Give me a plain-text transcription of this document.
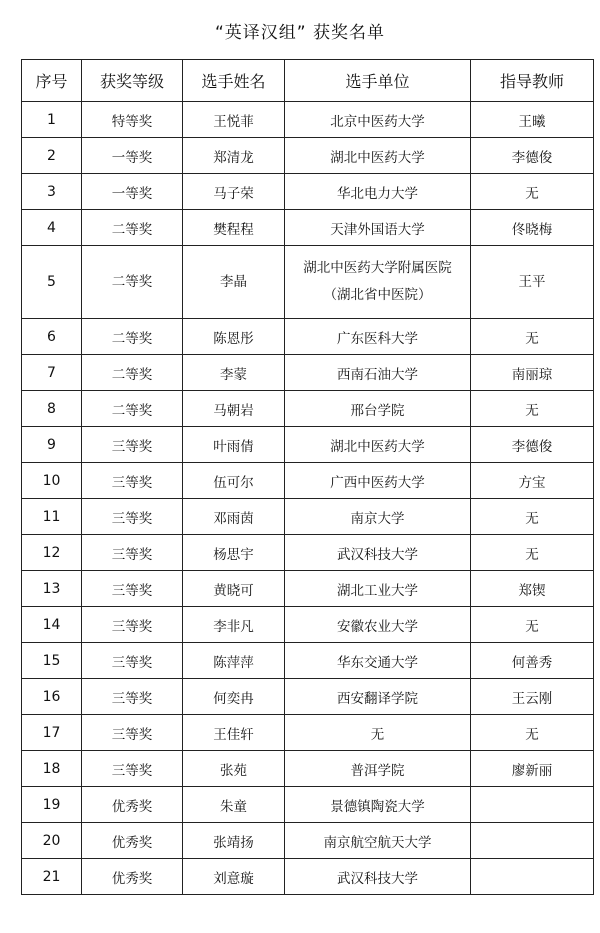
“英译汉组” 获奖名单
序号	获奖等级	选手姓名	选手单位	指导教师
1	特等奖	王悦菲	北京中医药大学	王曦
2	一等奖	郑清龙	湖北中医药大学	李德俊
3	一等奖	马子荣	华北电力大学	无
4	二等奖	樊程程	天津外国语大学	佟晓梅
5	二等奖	李晶	湖北中医药大学附属医院
（湖北省中医院）	王平
6	二等奖	陈恩彤	广东医科大学	无
7	二等奖	李蒙	西南石油大学	南丽琼
8	二等奖	马朝岩	邢台学院	无
9	三等奖	叶雨倩	湖北中医药大学	李德俊
10	三等奖	伍可尔	广西中医药大学	方宝
11	三等奖	邓雨茵	南京大学	无
12	三等奖	杨思宇	武汉科技大学	无
13	三等奖	黄晓可	湖北工业大学	郑锲
14	三等奖	李非凡	安徽农业大学	无
15	三等奖	陈萍萍	华东交通大学	何善秀
16	三等奖	何奕冉	西安翻译学院	王云刚
17	三等奖	王佳轩	无	无
18	三等奖	张苑	普洱学院	廖新丽
19	优秀奖	朱童	景德镇陶瓷大学	
20	优秀奖	张靖扬	南京航空航天大学	
21	优秀奖	刘意璇	武汉科技大学	
